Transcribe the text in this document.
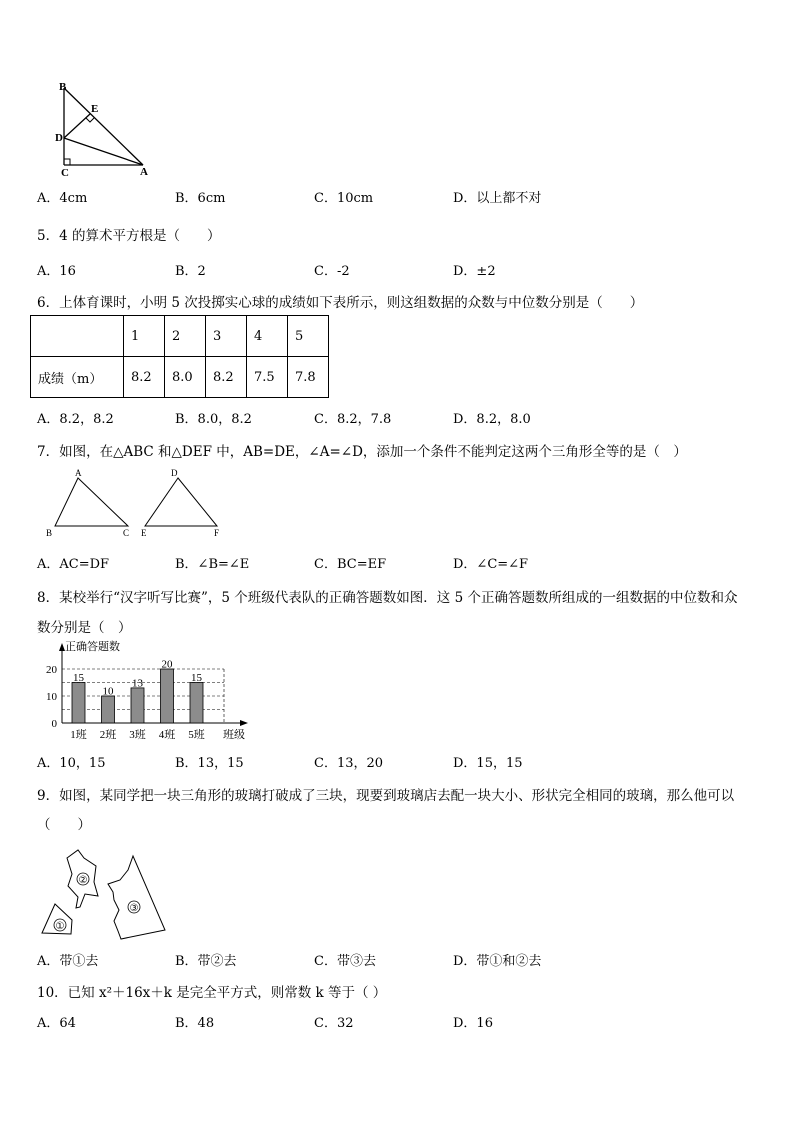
B
E
D
C	A
A．4cm	B．6cm	C．10cm	D．以上都不对
5．4 的算术平方根是（　　）
A．16	B．2	C．-2	D．±2
6．上体育课时，小明 5 次投掷实心球的成绩如下表所示，则这组数据的众数与中位数分别是（　　）
	1	2	3	4	5
成绩（m）	8.2	8.0	8.2	7.5	7.8
A．8.2，8.2	B．8.0，8.2	C．8.2，7.8	D．8.2，8.0
7．如图，在△ABC 和△DEF 中，AB=DE，∠A=∠D，添加一个条件不能判定这两个三角形全等的是（　）
A
B	C
D
E	F
A．AC=DF	B．∠B=∠E	C．BC=EF	D．∠C=∠F
8．某校举行“汉字听写比赛”，5 个班级代表队的正确答题数如图．这 5 个正确答题数所组成的一组数据的中位数和众
数分别是（　）
正确答题数
0
10
20
15
1班
10
2班
13
3班
20
4班
15
5班 班级
A．10，15	B．13，15	C．13，20	D．15，15
9．如图，某同学把一块三角形的玻璃打破成了三块，现要到玻璃店去配一块大小、形状完全相同的玻璃，那么他可以
（　　）
①
②
③
A．带①去	B．带②去	C．带③去	D．带①和②去
10．已知 x²＋16x＋k 是完全平方式，则常数 k 等于（ ）
A．64	B．48	C．32	D．16
